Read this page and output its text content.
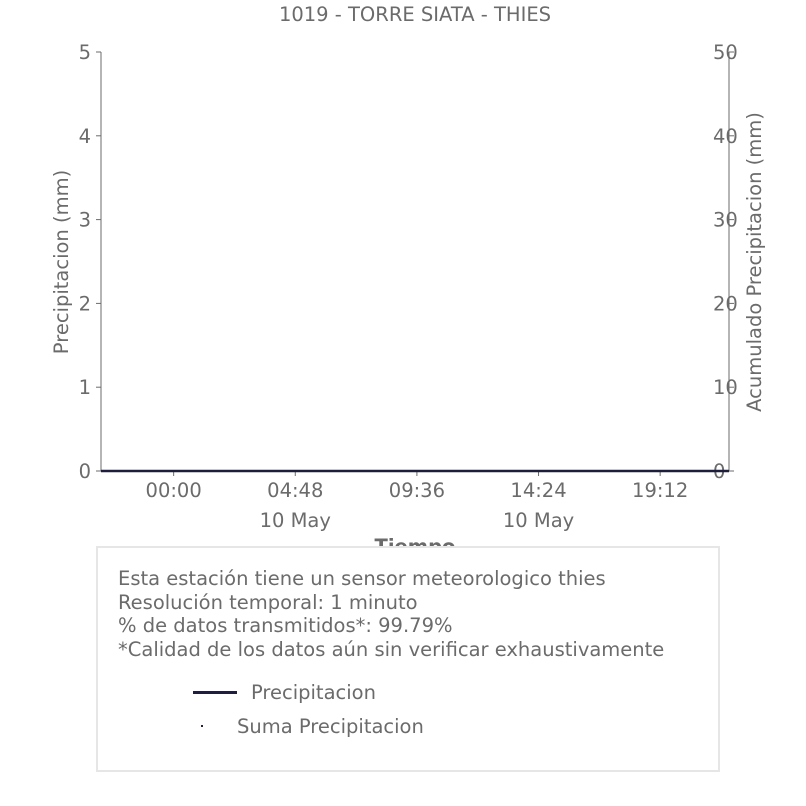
1019 - TORRE SIATA - THIES
0
1
2
3
4
5
0
10
20
30
40
50
00:00	04:48
10 May
09:36	14:24
10 May
19:12
Precipitacion (mm)	Acumulado Precipitacion (mm)
Esta estación tiene un sensor meteorologico thies
Resolución temporal: 1 minuto
% de datos transmitidos*: 99.79%
*Calidad de los datos aún sin verificar exhaustivamente
Precipitacion
Suma Precipitacion
